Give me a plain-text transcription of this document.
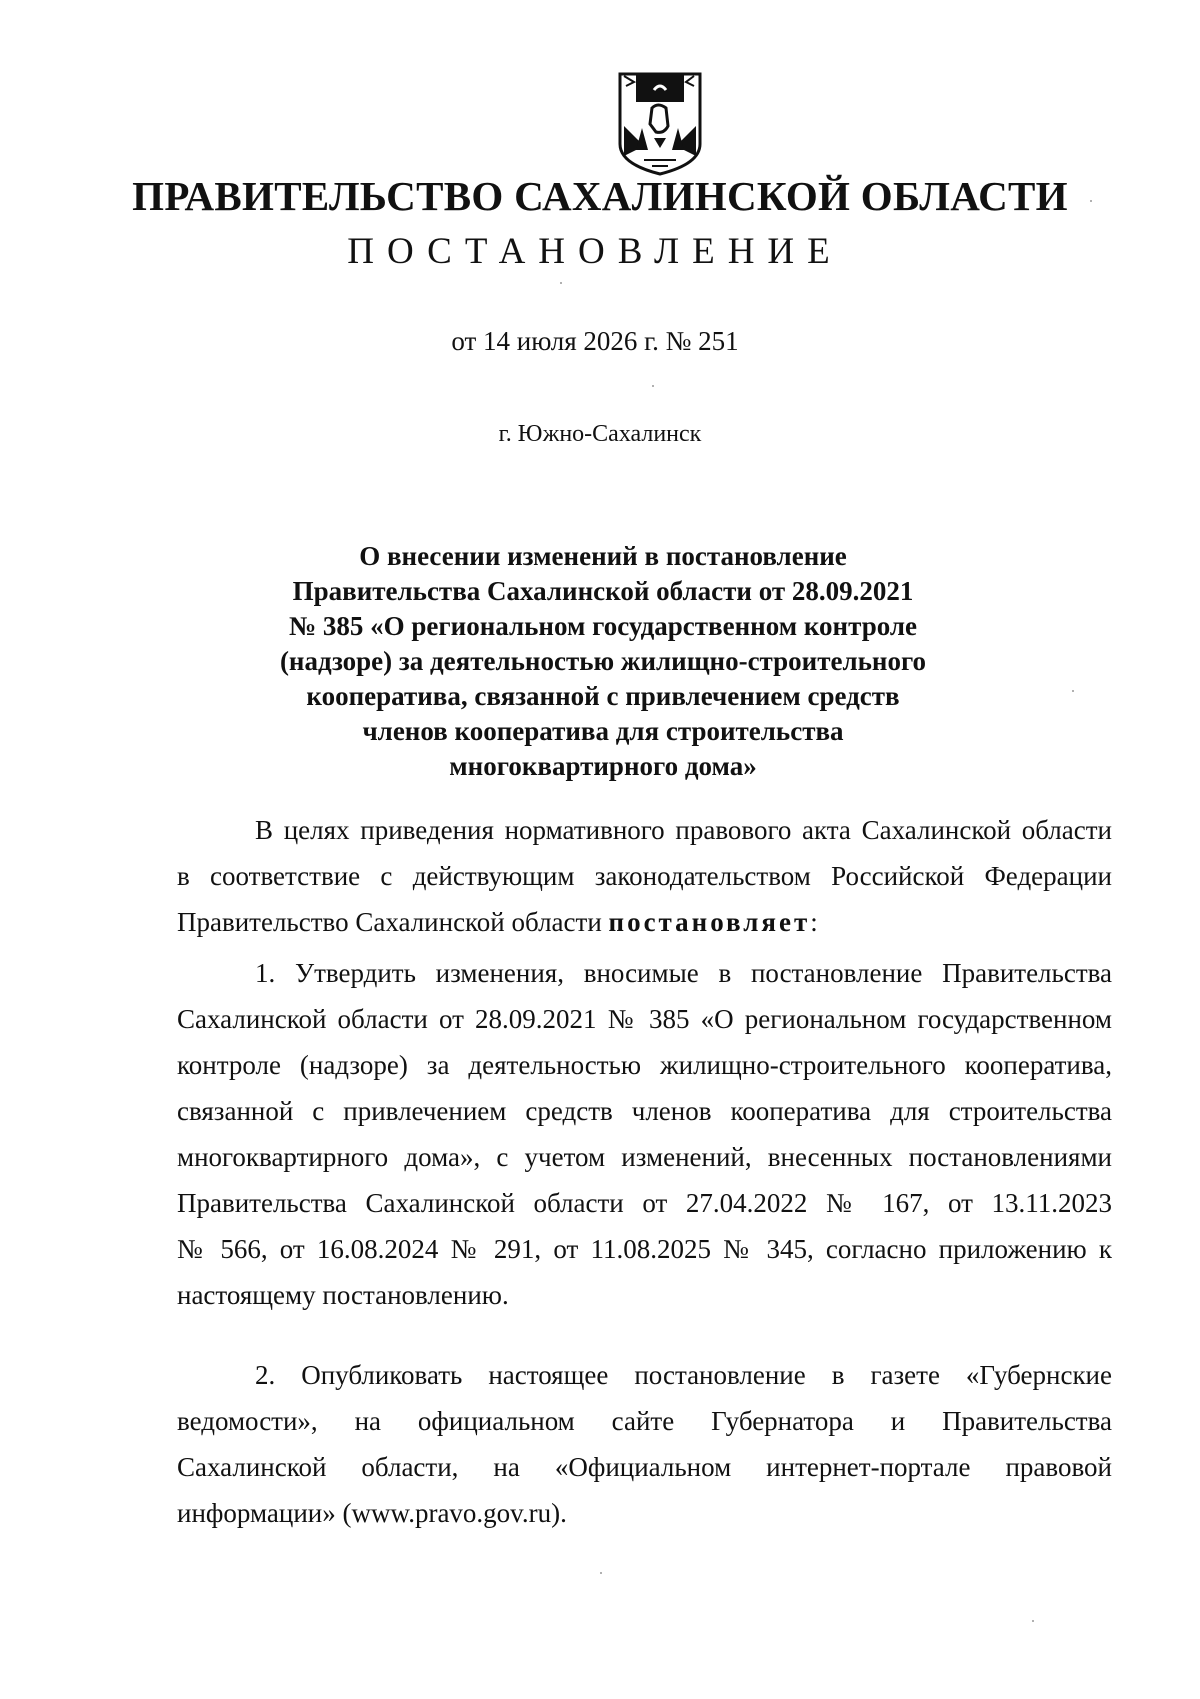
ПРАВИТЕЛЬСТВО САХАЛИНСКОЙ ОБЛАСТИ
ПОСТАНОВЛЕНИЕ
от 14 июля 2026 г. № 251
г. Южно-Сахалинск
О внесении изменений в постановление
Правительства Сахалинской области от 28.09.2021
№ 385 «О региональном государственном контроле
(надзоре) за деятельностью жилищно-строительного
кооператива, связанной с привлечением средств
членов кооператива для строительства
многоквартирного дома»
В целях приведения нормативного правового акта Сахалинской области
в соответствие с действующим законодательством Российской Федерации
Правительство Сахалинской области постановляет:
1. Утвердить изменения, вносимые в постановление Правительства
Сахалинской области от 28.09.2021 № 385 «О региональном государственном
контроле (надзоре) за деятельностью жилищно-строительного кооператива,
связанной с привлечением средств членов кооператива для строительства
многоквартирного дома», с учетом изменений, внесенных постановлениями
Правительства Сахалинской области от 27.04.2022 № 167, от 13.11.2023
№ 566, от 16.08.2024 № 291, от 11.08.2025 № 345, согласно приложению к
настоящему постановлению.
2. Опубликовать настоящее постановление в газете «Губернские
ведомости», на официальном сайте Губернатора и Правительства
Сахалинской области, на «Официальном интернет-портале правовой
информации» (www.pravo.gov.ru).
